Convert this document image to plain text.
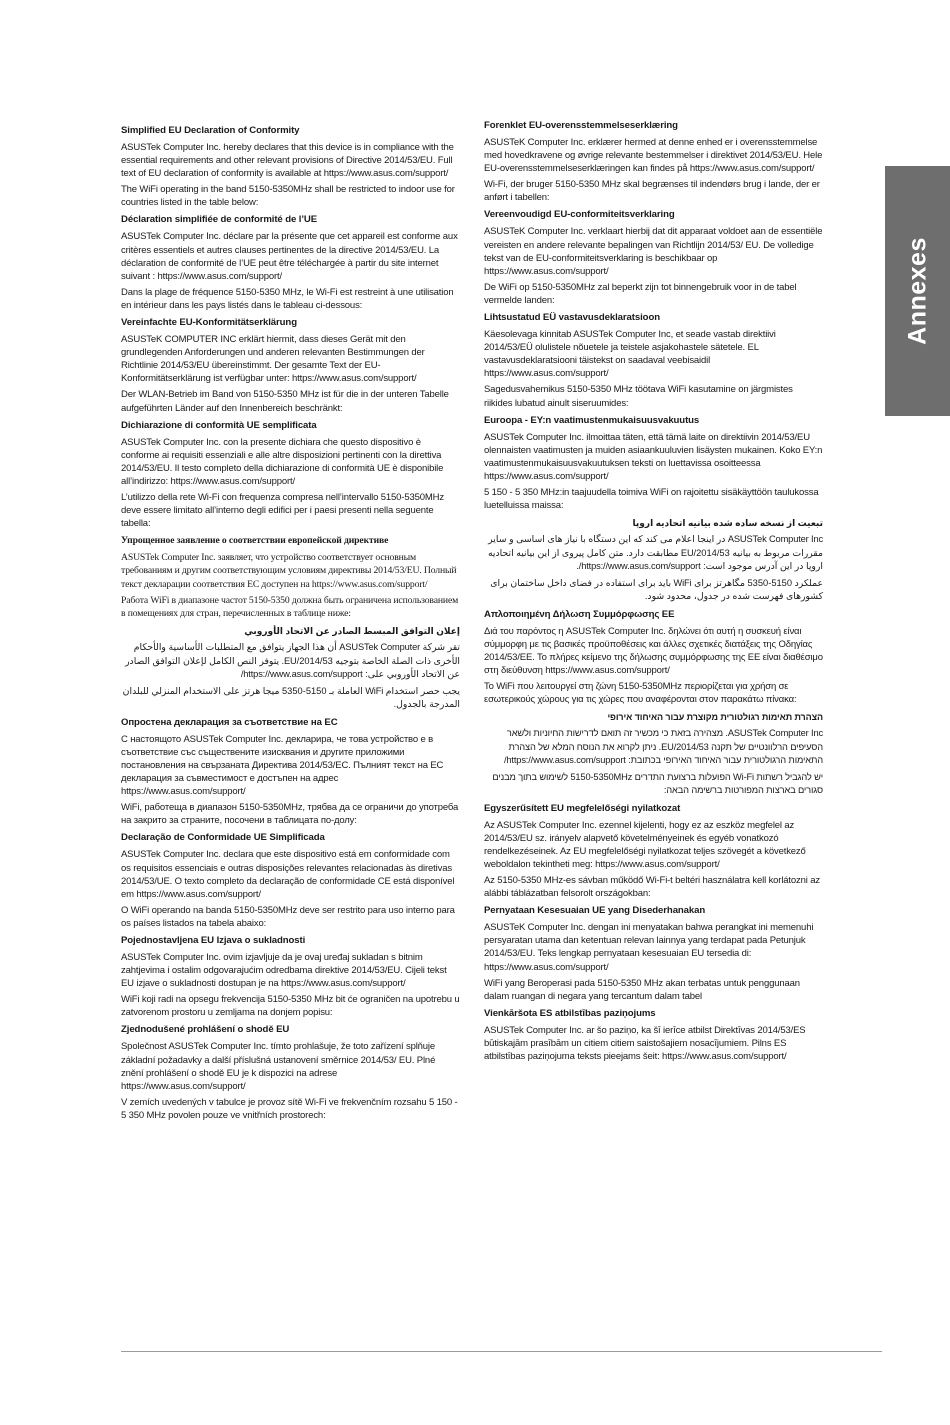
Simplified EU Declaration of Conformity

ASUSTek Computer Inc. hereby declares that this device is in compliance with the essential requirements and other relevant provisions of Directive 2014/53/EU. Full text of EU declaration of conformity is available at https://www.asus.com/support/

The WiFi operating in the band 5150-5350MHz shall be restricted to indoor use for countries listed in the table below:

Déclaration simplifiée de conformité de l’UE

ASUSTek Computer Inc. déclare par la présente que cet appareil est conforme aux critères essentiels et autres clauses pertinentes de la directive 2014/53/EU. La déclaration de conformité de l’UE peut être téléchargée à partir du site internet suivant : https://www.asus.com/support/

Dans la plage de fréquence 5150-5350 MHz, le Wi-Fi est restreint à une utilisation en intérieur dans les pays listés dans le tableau ci-dessous:

Vereinfachte EU-Konformitätserklärung

ASUSTeK COMPUTER INC erklärt hiermit, dass dieses Gerät mit den grundlegenden Anforderungen und anderen relevanten Bestimmungen der Richtlinie 2014/53/EU übereinstimmt. Der gesamte Text der EU-Konformitätserklärung ist verfügbar unter: https://www.asus.com/support/

Der WLAN-Betrieb im Band von 5150-5350 MHz ist für die in der unteren Tabelle aufgeführten Länder auf den Innenbereich beschränkt:

Dichiarazione di conformità UE semplificata

ASUSTek Computer Inc. con la presente dichiara che questo dispositivo è conforme ai requisiti essenziali e alle altre disposizioni pertinenti con la direttiva 2014/53/EU. Il testo completo della dichiarazione di conformità UE è disponibile all’indirizzo: https://www.asus.com/support/

L’utilizzo della rete Wi-Fi con frequenza compresa nell’intervallo 5150-5350MHz deve essere limitato all’interno degli edifici per i paesi presenti nella seguente tabella:

Упрощенное заявление о соответствии европейской директиве

ASUSTek Computer Inc. заявляет, что устройство соответствует основным требованиям и другим соответствующим условиям директивы 2014/53/EU. Полный текст декларации соответствия ЕС доступен на https://www.asus.com/support/

Работа WiFi в диапазоне частот 5150-5350 должна быть ограничена использованием в помещениях для стран, перечисленных в таблице ниже:

إعلان التوافق المبسط الصادر عن الاتحاد الأوروبي

تقر شركة ASUSTek Computer أن هذا الجهاز يتوافق مع المتطلبات الأساسية والأحكام الأخرى ذات الصلة الخاصة بتوجيه 2014/53/EU. يتوفر النص الكامل لإعلان التوافق الصادر عن الاتحاد الأوروبي على: https://www.asus.com/support/

يجب حصر استخدام WiFi العاملة بـ 5150-5350 ميجا هرتز على الاستخدام المنزلي للبلدان المدرجة بالجدول.

Опростена декларация за съответствие на ЕС

С настоящото ASUSTek Computer Inc. декларира, че това устройство е в съответствие със съществените изисквания и другите приложими постановления на свързаната Директива 2014/53/ЕС. Пълният текст на ЕС декларация за съвместимост е достъпен на адрес https://www.asus.com/support/

WiFi, работеща в диапазон 5150-5350MHz, трябва да се ограничи до употреба на закрито за страните, посочени в таблицата по-долу:

Declaração de Conformidade UE Simplificada

ASUSTek Computer Inc. declara que este dispositivo está em conformidade com os requisitos essenciais e outras disposições relevantes relacionadas às diretivas 2014/53/UE. O texto completo da declaração de conformidade CE está disponível em https://www.asus.com/support/

O WiFi operando na banda 5150-5350MHz deve ser restrito para uso interno para os países listados na tabela abaixo:

Pojednostavljena EU Izjava o sukladnosti

ASUSTek Computer Inc. ovim izjavljuje da je ovaj uređaj sukladan s bitnim zahtjevima i ostalim odgovarajućim odredbama direktive 2014/53/EU. Cijeli tekst EU izjave o sukladnosti dostupan je na https://www.asus.com/support/

WiFi koji radi na opsegu frekvencija 5150-5350 MHz bit će ograničen na upotrebu u zatvorenom prostoru u zemljama na donjem popisu:

Zjednodušené prohlášení o shodě EU

Společnost ASUSTek Computer Inc. tímto prohlašuje, že toto zařízení splňuje základní požadavky a další příslušná ustanovení směrnice 2014/53/ EU. Plné znění prohlášení o shodě EU je k dispozici na adrese https://www.asus.com/support/

V zemích uvedených v tabulce je provoz sítě Wi-Fi ve frekvenčním rozsahu 5 150 - 5 350 MHz povolen pouze ve vnitřních prostorech:

Forenklet EU-overensstemmelseserklæring

ASUSTeK Computer Inc. erklærer hermed at denne enhed er i overensstemmelse med hovedkravene og øvrige relevante bestemmelser i direktivet 2014/53/EU. Hele EU-overensstemmelseserklæringen kan findes på https://www.asus.com/support/

Wi-Fi, der bruger 5150-5350 MHz skal begrænses til indendørs brug i lande, der er anført i tabellen:

Vereenvoudigd EU-conformiteitsverklaring

ASUSTeK Computer Inc. verklaart hierbij dat dit apparaat voldoet aan de essentiële vereisten en andere relevante bepalingen van Richtlijn 2014/53/ EU. De volledige tekst van de EU-conformiteitsverklaring is beschikbaar op https://www.asus.com/support/

De WiFi op 5150-5350MHz zal beperkt zijn tot binnengebruik voor in de tabel vermelde landen:

Lihtsustatud EÜ vastavusdeklaratsioon

Käesolevaga kinnitab ASUSTek Computer Inc, et seade vastab direktiivi 2014/53/EÜ olulistele nõuetele ja teistele asjakohastele sätetele. EL vastavusdeklaratsiooni täistekst on saadaval veebisaidil https://www.asus.com/support/

Sagedusvahemikus 5150-5350 MHz töötava WiFi kasutamine on järgmistes riikides lubatud ainult siseruumides:

Euroopa - EY:n vaatimustenmukaisuusvakuutus

ASUSTek Computer Inc. ilmoittaa täten, että tämä laite on direktiivin 2014/53/EU olennaisten vaatimusten ja muiden asiaankuuluvien lisäysten mukainen. Koko EY:n vaatimustenmukaisuusvakuutuksen teksti on luettavissa osoitteessa https://www.asus.com/support/

5 150 - 5 350 MHz:in taajuudella toimiva WiFi on rajoitettu sisäkäyttöön taulukossa luetelluissa maissa:

تبعیت از نسخه ساده شده بیانیه اتحادیه اروپا

ASUSTek Computer Inc در اینجا اعلام می کند که این دستگاه با نیاز های اساسی و سایر مقررات مربوط به بیانیه 2014/53/EU مطابقت دارد. متن کامل پیروی از این بیانیه اتحادیه اروپا در این آدرس موجود است: https://www.asus.com/support/.

عملکرد 5150-5350 مگاهرتز برای WiFi باید برای استفاده در فضای داخل ساختمان برای کشورهای فهرست شده در جدول، محدود شود.

Απλοποιημένη Δήλωση Συμμόρφωσης ΕΕ

Διά του παρόντος η ASUSTek Computer Inc. δηλώνει ότι αυτή η συσκευή είναι σύμμορφη με τις βασικές προϋποθέσεις και άλλες σχετικές διατάξεις της Οδηγίας 2014/53/ΕΕ. Το πλήρες κείμενο της δήλωσης συμμόρφωσης της ΕΕ είναι διαθέσιμο στη διεύθυνση https://www.asus.com/support/

Το WiFi που λειτουργεί στη ζώνη 5150-5350MHz περιορίζεται για χρήση σε εσωτερικούς χώρους για τις χώρες που αναφέρονται στον παρακάτω πίνακα:

הצהרת תאימות רגולטורית מקוצרת עבור האיחוד אירופי

ASUSTek Computer Inc. מצהירה בזאת כי מכשיר זה תואם לדרישות החיוניות ולשאר הסעיפים הרלוונטיים של תקנה 2014/53/EU. ניתן לקרוא את הנוסח המלא של הצהרת התאימות הרגולטורית עבור האיחוד האירופי בכתובת: https://www.asus.com/support/

יש להגביל רשתות Wi-Fi הפועלות ברצועת התדרים 5150-5350MHz לשימוש בתוך מבנים סגורים בארצות המפורטות ברשימה הבאה:

Egyszerűsített EU megfelelőségi nyilatkozat

Az ASUSTek Computer Inc. ezennel kijelenti, hogy ez az eszköz megfelel az 2014/53/EU sz. irányelv alapvető követelményeinek és egyéb vonatkozó rendelkezéseinek. Az EU megfelelőségi nyilatkozat teljes szövegét a következő weboldalon tekintheti meg: https://www.asus.com/support/

Az 5150-5350 MHz-es sávban működő Wi-Fi-t beltéri használatra kell korlátozni az alábbi táblázatban felsorolt országokban:

Pernyataan Kesesuaian UE yang Disederhanakan

ASUSTeK Computer Inc. dengan ini menyatakan bahwa perangkat ini memenuhi persyaratan utama dan ketentuan relevan lainnya yang terdapat pada Petunjuk 2014/53/EU. Teks lengkap pernyataan kesesuaian EU tersedia di: https://www.asus.com/support/

WiFi yang Beroperasi pada 5150-5350 MHz akan terbatas untuk penggunaan dalam ruangan di negara yang tercantum dalam tabel

Vienkāršota ES atbilstības paziņojums

ASUSTek Computer Inc. ar šo paziņo, ka šī ierīce atbilst Direktīvas 2014/53/ES būtiskajām prasībām un citiem citiem saistošajiem nosacījumiem. Pilns ES atbilstības paziņojuma teksts pieejams šeit: https://www.asus.com/support/

Annexes
